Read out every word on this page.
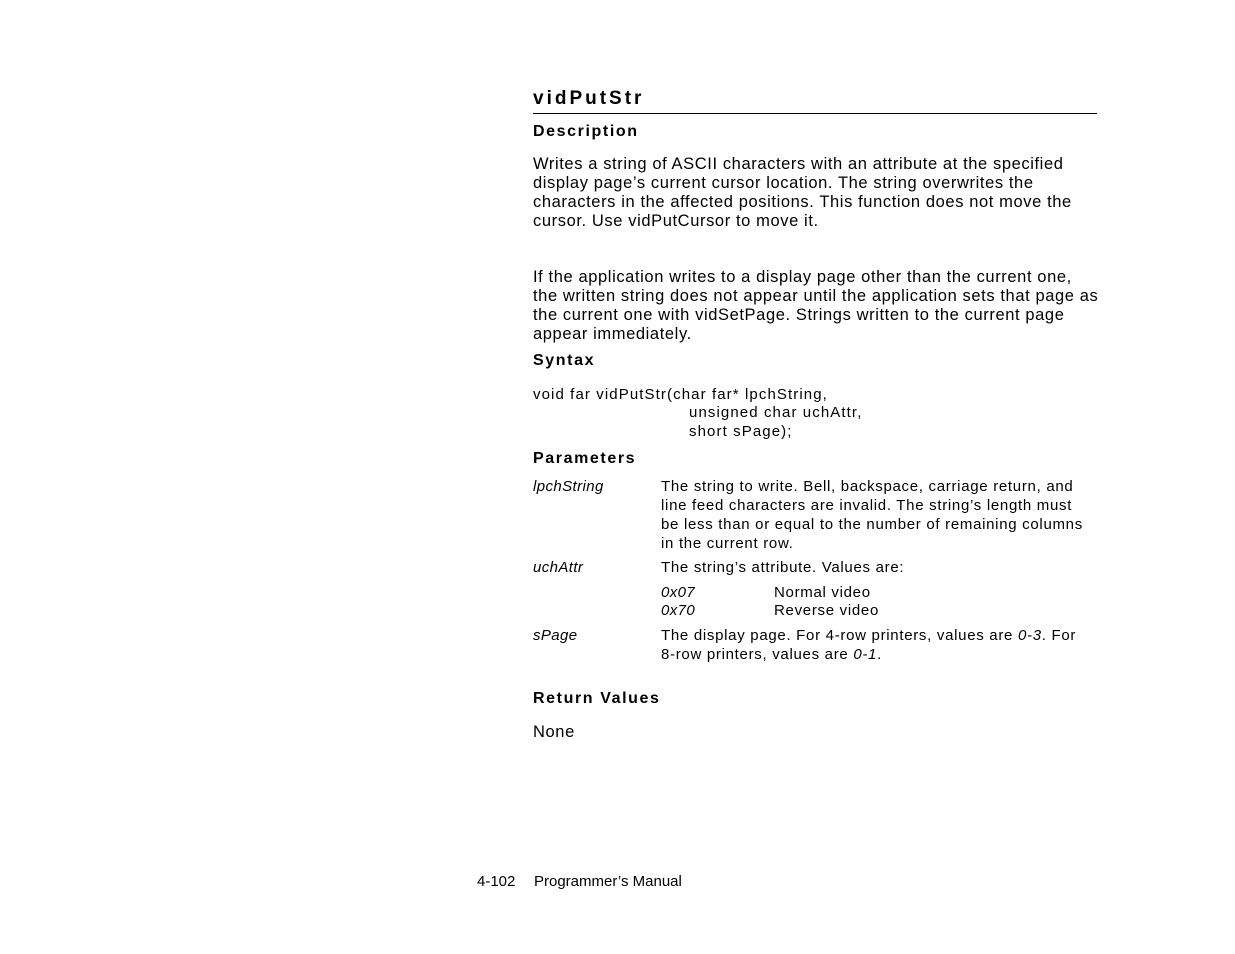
vidPutStr
Description
Writes a string of ASCII characters with an attribute at the specified display page’s current cursor location. The string overwrites the characters in the affected positions. This function does not move the cursor. Use vidPutCursor to move it.
If the application writes to a display page other than the current one, the written string does not appear until the application sets that page as the current one with vidSetPage. Strings written to the current page appear immediately.
Syntax
void far vidPutStr(char far* lpchString,
unsigned char uchAttr,
short sPage);
Parameters
lpchString	The string to write. Bell, backspace, carriage return, and line feed characters are invalid. The string’s length must be less than or equal to the number of remaining columns in the current row.
uchAttr	The string’s attribute. Values are:
0x07	Normal video
0x70	Reverse video
sPage	The display page. For 4-row printers, values are 0-3. For 8-row printers, values are 0-1.
Return Values
None
4-102 Programmer’s Manual
